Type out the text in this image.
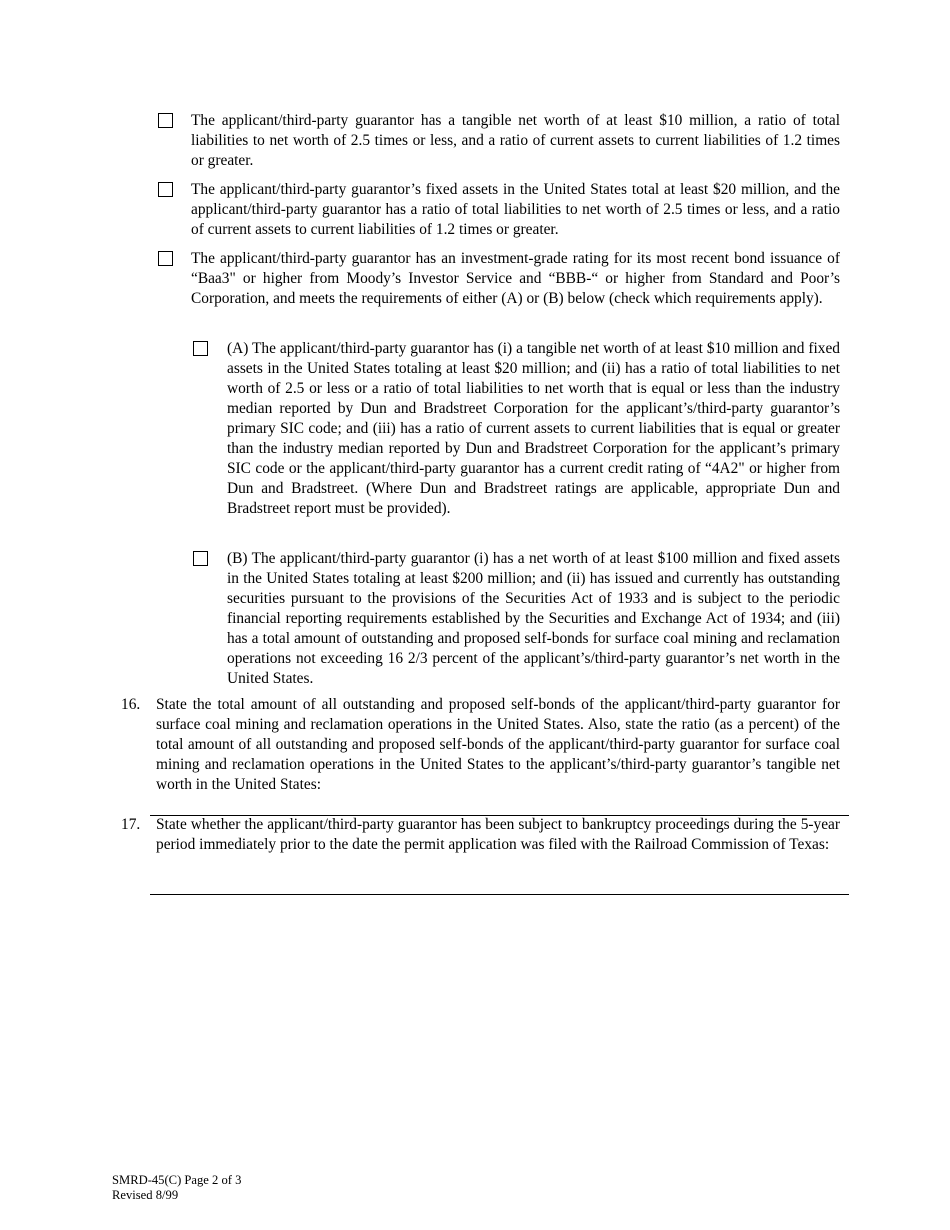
The applicant/third-party guarantor has a tangible net worth of at least $10 million, a ratio of total liabilities to net worth of 2.5 times or less, and a ratio of current assets to current liabilities of 1.2 times or greater.

The applicant/third-party guarantor’s fixed assets in the United States total at least $20 million, and the applicant/third-party guarantor has a ratio of total liabilities to net worth of 2.5 times or less, and a ratio of current assets to current liabilities of 1.2 times or greater.

The applicant/third-party guarantor has an investment-grade rating for its most recent bond issuance of “Baa3" or higher from Moody’s Investor Service and “BBB-“ or higher from Standard and Poor’s Corporation, and meets the requirements of either (A) or (B) below (check which requirements apply).

(A) The applicant/third-party guarantor has (i) a tangible net worth of at least $10 million and fixed assets in the United States totaling at least $20 million; and (ii) has a ratio of total liabilities to net worth of 2.5 or less or a ratio of total liabilities to net worth that is equal or less than the industry median reported by Dun and Bradstreet Corporation for the applicant’s/third-party guarantor’s primary SIC code; and (iii) has a ratio of current assets to current liabilities that is equal or greater than the industry median reported by Dun and Bradstreet Corporation for the applicant’s primary SIC code or the applicant/third-party guarantor has a current credit rating of “4A2" or higher from Dun and Bradstreet. (Where Dun and Bradstreet ratings are applicable, appropriate Dun and Bradstreet report must be provided).

(B) The applicant/third-party guarantor (i) has a net worth of at least $100 million and fixed assets in the United States totaling at least $200 million; and (ii) has issued and currently has outstanding securities pursuant to the provisions of the Securities Act of 1933 and is subject to the periodic financial reporting requirements established by the Securities and Exchange Act of 1934; and (iii) has a total amount of outstanding and proposed self-bonds for surface coal mining and reclamation operations not exceeding 16 2/3 percent of the applicant’s/third-party guarantor’s net worth in the United States.

16.	State the total amount of all outstanding and proposed self-bonds of the applicant/third-party guarantor for surface coal mining and reclamation operations in the United States. Also, state the ratio (as a percent) of the total amount of all outstanding and proposed self-bonds of the applicant/third-party guarantor for surface coal mining and reclamation operations in the United States to the applicant’s/third-party guarantor’s tangible net worth in the United States:

17.	State whether the applicant/third-party guarantor has been subject to bankruptcy proceedings during the 5-year period immediately prior to the date the permit application was filed with the Railroad Commission of Texas:

SMRD-45(C) Page 2 of 3
Revised 8/99
